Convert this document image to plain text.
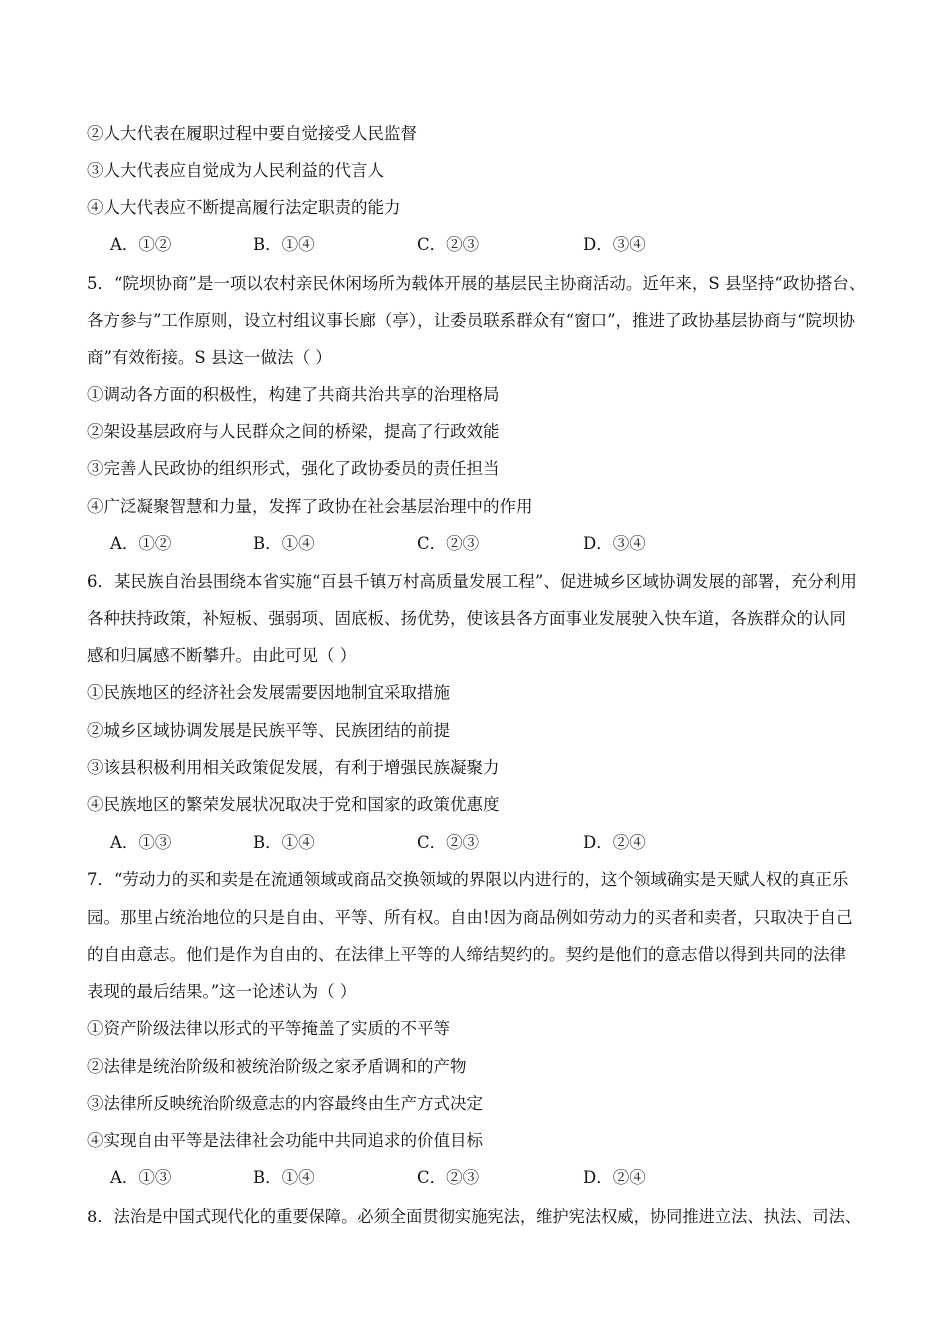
②人大代表在履职过程中要自觉接受人民监督
③人大代表应自觉成为人民利益的代言人
④人大代表应不断提高履行法定职责的能力
A．①②	B．①④	C．②③	D．③④
5．“院坝协商”是一项以农村亲民休闲场所为载体开展的基层民主协商活动。近年来，S 县坚持“政协搭台、
各方参与”工作原则，设立村组议事长廊（亭），让委员联系群众有“窗口”，推进了政协基层协商与“院坝协
商”有效衔接。S 县这一做法（ ）
①调动各方面的积极性，构建了共商共治共享的治理格局
②架设基层政府与人民群众之间的桥梁，提高了行政效能
③完善人民政协的组织形式，强化了政协委员的责任担当
④广泛凝聚智慧和力量，发挥了政协在社会基层治理中的作用
A．①②	B．①④	C．②③	D．③④
6．某民族自治县围绕本省实施“百县千镇万村高质量发展工程”、促进城乡区域协调发展的部署，充分利用
各种扶持政策，补短板、强弱项、固底板、扬优势，使该县各方面事业发展驶入快车道，各族群众的认同
感和归属感不断攀升。由此可见（ ）
①民族地区的经济社会发展需要因地制宜采取措施
②城乡区域协调发展是民族平等、民族团结的前提
③该县积极利用相关政策促发展，有利于增强民族凝聚力
④民族地区的繁荣发展状况取决于党和国家的政策优惠度
A．①③	B．①④	C．②③	D．②④
7．“劳动力的买和卖是在流通领域或商品交换领域的界限以内进行的，这个领域确实是天赋人权的真正乐
园。那里占统治地位的只是自由、平等、所有权。自由!因为商品例如劳动力的买者和卖者，只取决于自己
的自由意志。他们是作为自由的、在法律上平等的人缔结契约的。契约是他们的意志借以得到共同的法律
表现的最后结果。”这一论述认为（ ）
①资产阶级法律以形式的平等掩盖了实质的不平等
②法律是统治阶级和被统治阶级之家矛盾调和的产物
③法律所反映统治阶级意志的内容最终由生产方式决定
④实现自由平等是法律社会功能中共同追求的价值目标
A．①③	B．①④	C．②③	D．②④
8．法治是中国式现代化的重要保障。必须全面贯彻实施宪法，维护宪法权威，协同推进立法、执法、司法、
